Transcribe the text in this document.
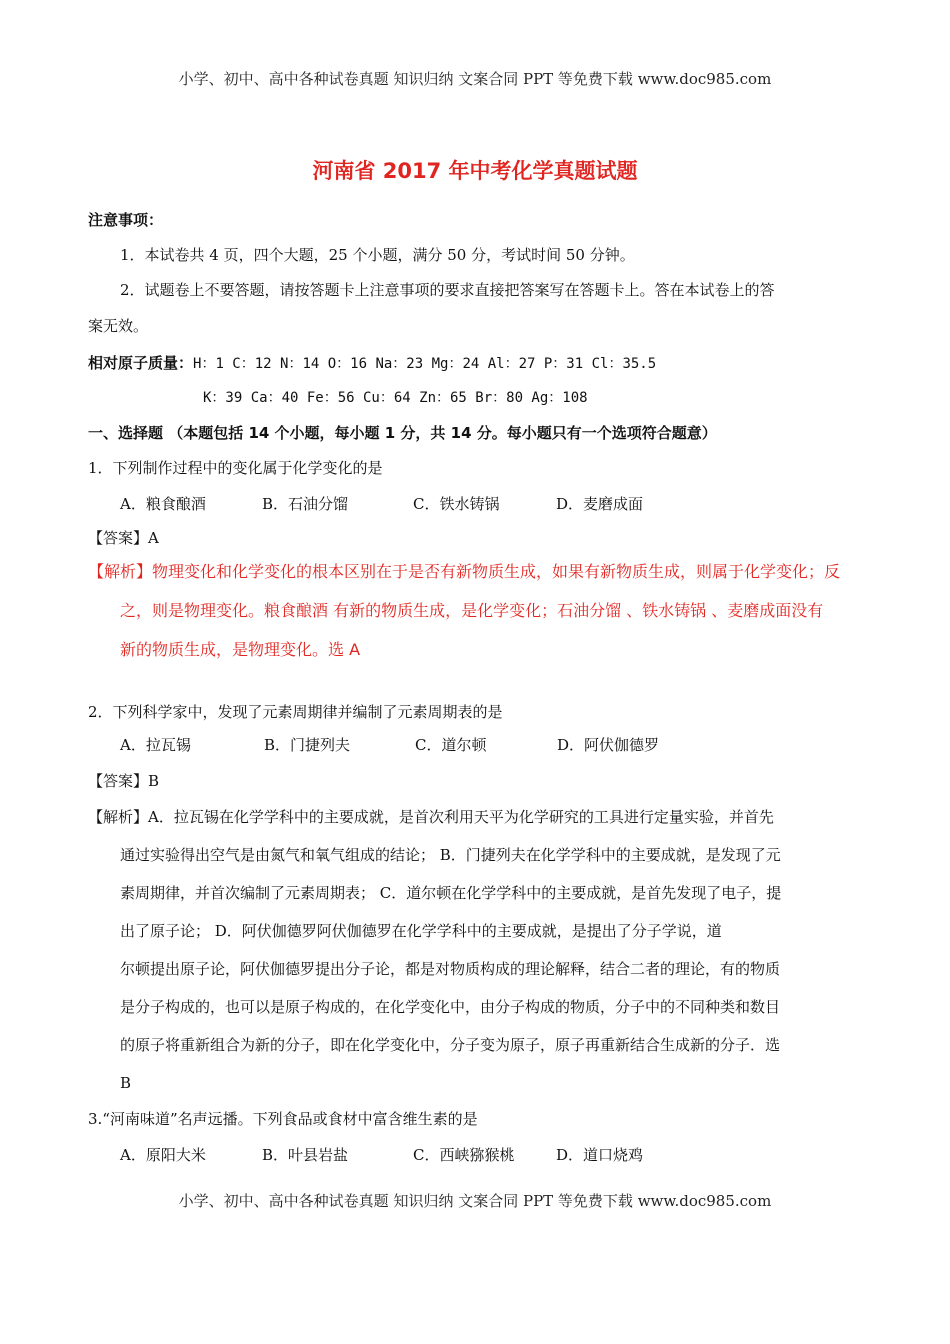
小学、初中、高中各种试卷真题 知识归纳 文案合同 PPT 等免费下载 www.doc985.com
河南省 2017 年中考化学真题试题
注意事项：
1．本试卷共 4 页，四个大题，25 个小题，满分 50 分，考试时间 50 分钟。
2．试题卷上不要答题，请按答题卡上注意事项的要求直接把答案写在答题卡上。答在本试卷上的答
案无效。
相对原子质量：H：1 C：12 N：14 O：16 Na：23 Mg：24 Al：27 P：31 Cl：35.5
K：39 Ca：40 Fe：56 Cu：64 Zn：65 Br：80 Ag：108
一、选择题 （本题包括 14 个小题，每小题 1 分，共 14 分。每小题只有一个选项符合题意）
1．下列制作过程中的变化属于化学变化的是
A．粮食酿酒	B．石油分馏	C．铁水铸锅	D．麦磨成面
【答案】A
【解析】物理变化和化学变化的根本区别在于是否有新物质生成，如果有新物质生成，则属于化学变化；反
之，则是物理变化。粮食酿酒 有新的物质生成，是化学变化；石油分馏 、铁水铸锅 、麦磨成面没有
新的物质生成，是物理变化。选 A
2．下列科学家中，发现了元素周期律并编制了元素周期表的是
A．拉瓦锡	B．门捷列夫	C．道尔顿	D．阿伏伽德罗
【答案】B
【解析】A．拉瓦锡在化学学科中的主要成就，是首次利用天平为化学研究的工具进行定量实验，并首先
通过实验得出空气是由氮气和氧气组成的结论； B．门捷列夫在化学学科中的主要成就，是发现了元
素周期律，并首次编制了元素周期表； C．道尔顿在化学学科中的主要成就，是首先发现了电子，提
出了原子论； D．阿伏伽德罗阿伏伽德罗在化学学科中的主要成就，是提出了分子学说，道
尔顿提出原子论，阿伏伽德罗提出分子论，都是对物质构成的理论解释，结合二者的理论，有的物质
是分子构成的，也可以是原子构成的，在化学变化中，由分子构成的物质，分子中的不同种类和数目
的原子将重新组合为新的分子，即在化学变化中，分子变为原子，原子再重新结合生成新的分子．选
B
3.“河南味道”名声远播。下列食品或食材中富含维生素的是
A．原阳大米	B．叶县岩盐	C．西峡猕猴桃	D．道口烧鸡
小学、初中、高中各种试卷真题 知识归纳 文案合同 PPT 等免费下载 www.doc985.com
